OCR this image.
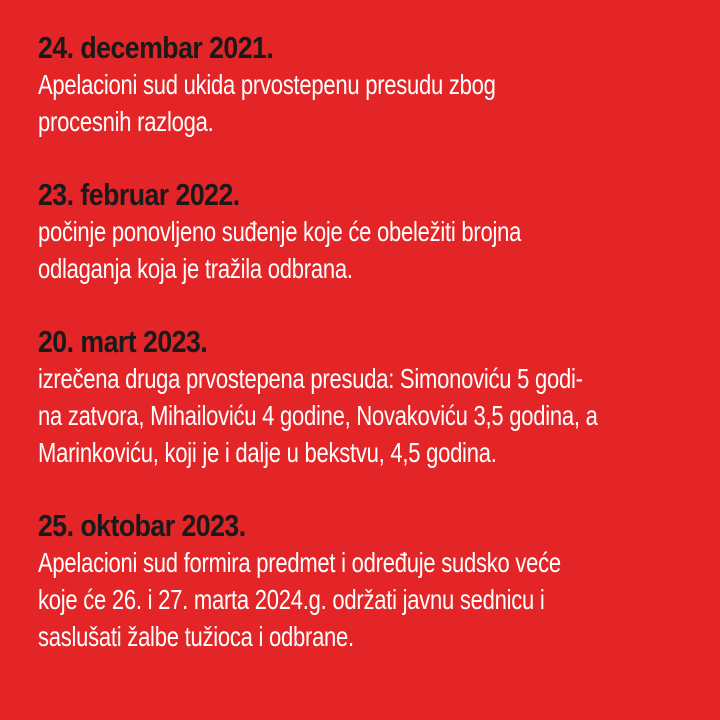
24. decembar 2021.
Apelacioni sud ukida prvostepenu presudu zbog
procesnih razloga.
23. februar 2022.
počinje ponovljeno suđenje koje će obeležiti brojna
odlaganja koja je tražila odbrana.
20. mart 2023.
izrečena druga prvostepena presuda: Simonoviću 5 godi-
na zatvora, Mihailoviću 4 godine, Novakoviću 3,5 godina, a
Marinkoviću, koji je i dalje u bekstvu, 4,5 godina.
25. oktobar 2023.
Apelacioni sud formira predmet i određuje sudsko veće
koje će 26. i 27. marta 2024.g. održati javnu sednicu i
saslušati žalbe tužioca i odbrane.
